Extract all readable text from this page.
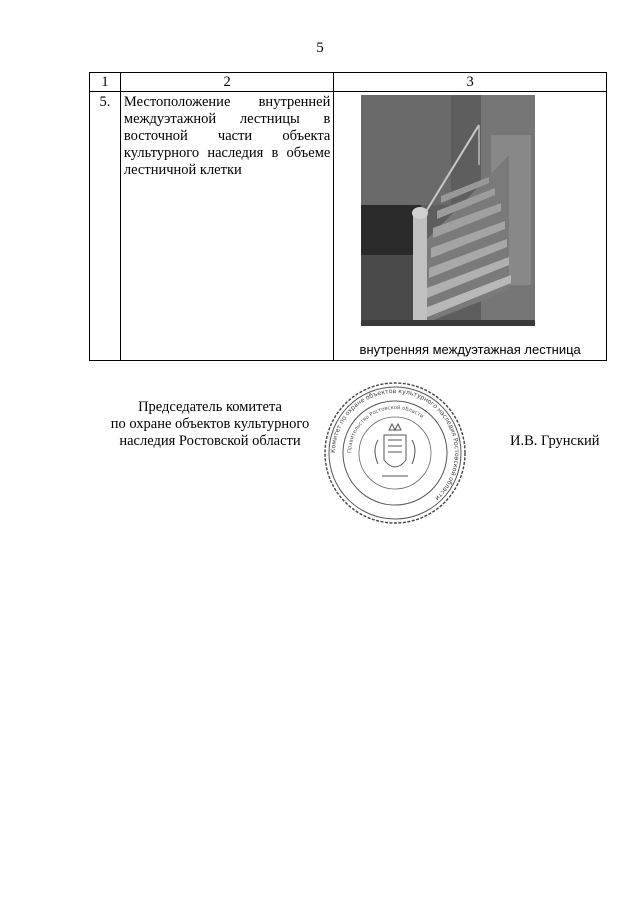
5
1	2	3
5.	Местоположение внутренней междуэтажной лестницы в восточной части объекта культурного наследия в объеме лестничной клетки	внутренняя междуэтажная лестница
Председатель комитета
по охране объектов культурного
наследия Ростовской области
Комитет по охране объектов культурного наследия Ростовской области
Правительство Ростовской области
И.В. Грунский
